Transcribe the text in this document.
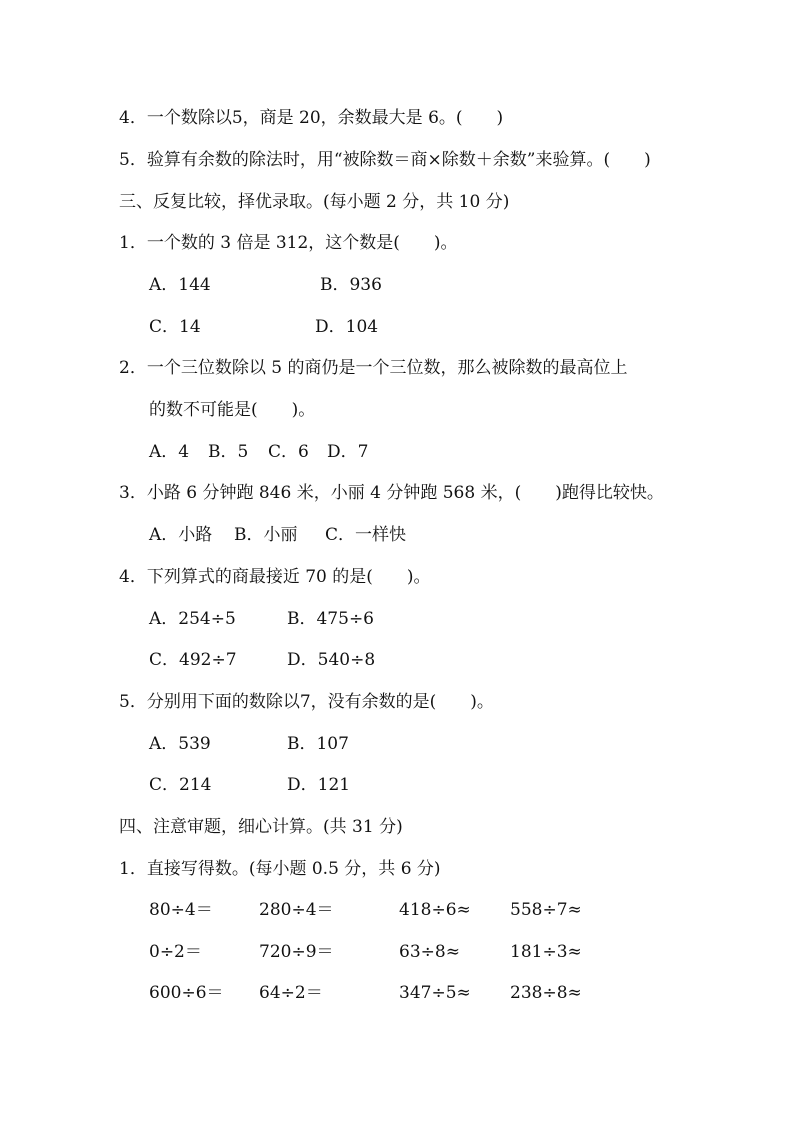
4．一个数除以5，商是 20，余数最大是 6。(　　)
5．验算有余数的除法时，用“被除数＝商×除数＋余数”来验算。(　　)
三、反复比较，择优录取。(每小题 2 分，共 10 分)
1．一个数的 3 倍是 312，这个数是(　　)。
A．144	B．936
C．14	D．104
2．一个三位数除以 5 的商仍是一个三位数，那么被除数的最高位上
的数不可能是(　　)。
A．4 B．5 C．6 D．7
3．小路 6 分钟跑 846 米，小丽 4 分钟跑 568 米，(　　)跑得比较快。
A．小路 B．小丽 C．一样快
4．下列算式的商最接近 70 的是(　　)。
A．254÷5	B．475÷6
C．492÷7	D．540÷8
5．分别用下面的数除以7，没有余数的是(　　)。
A．539	B．107
C．214	D．121
四、注意审题，细心计算。(共 31 分)
1．直接写得数。(每小题 0.5 分，共 6 分)
80÷4＝	280÷4＝	418÷6≈ 558÷7≈
0÷2＝	720÷9＝	63÷8≈	181÷3≈
600÷6＝ 64÷2＝	347÷5≈ 238÷8≈
